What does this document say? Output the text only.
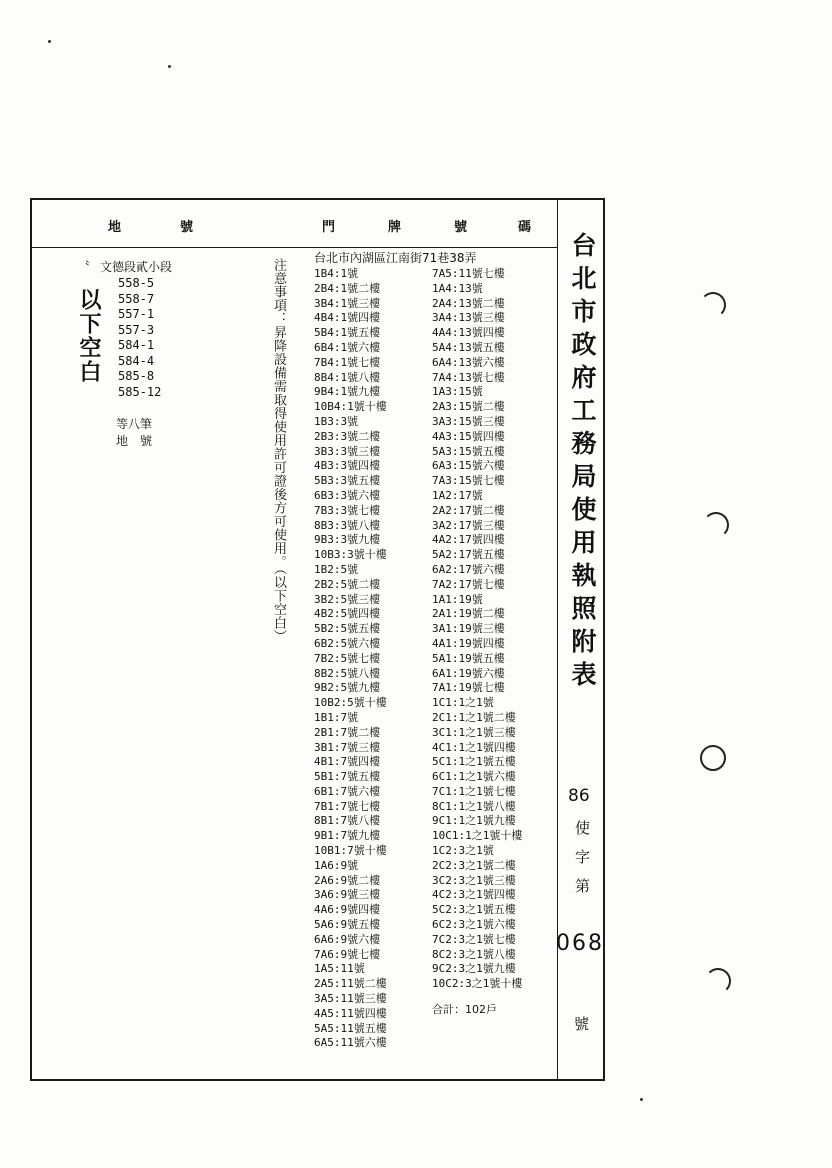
地	號	門	牌	號	碼
〝 文德段貳小段
558-5
558-7
557-1
557-3
584-1
584-4
585-8
585-12
等八筆
地　號
以下空白	注意事項：昇降設備需取得使用許可證後方可使用。（以下空白） 台北市內湖區江南街71巷38弄
1B4:1號
2B4:1號二樓
3B4:1號三樓
4B4:1號四樓
5B4:1號五樓
6B4:1號六樓
7B4:1號七樓
8B4:1號八樓
9B4:1號九樓
10B4:1號十樓
1B3:3號
2B3:3號二樓
3B3:3號三樓
4B3:3號四樓
5B3:3號五樓
6B3:3號六樓
7B3:3號七樓
8B3:3號八樓
9B3:3號九樓
10B3:3號十樓
1B2:5號
2B2:5號二樓
3B2:5號三樓
4B2:5號四樓
5B2:5號五樓
6B2:5號六樓
7B2:5號七樓
8B2:5號八樓
9B2:5號九樓
10B2:5號十樓
1B1:7號
2B1:7號二樓
3B1:7號三樓
4B1:7號四樓
5B1:7號五樓
6B1:7號六樓
7B1:7號七樓
8B1:7號八樓
9B1:7號九樓
10B1:7號十樓
1A6:9號
2A6:9號二樓
3A6:9號三樓
4A6:9號四樓
5A6:9號五樓
6A6:9號六樓
7A6:9號七樓
1A5:11號
2A5:11號二樓
3A5:11號三樓
4A5:11號四樓
5A5:11號五樓
6A5:11號六樓
7A5:11號七樓
1A4:13號
2A4:13號二樓
3A4:13號三樓
4A4:13號四樓
5A4:13號五樓
6A4:13號六樓
7A4:13號七樓
1A3:15號
2A3:15號二樓
3A3:15號三樓
4A3:15號四樓
5A3:15號五樓
6A3:15號六樓
7A3:15號七樓
1A2:17號
2A2:17號二樓
3A2:17號三樓
4A2:17號四樓
5A2:17號五樓
6A2:17號六樓
7A2:17號七樓
1A1:19號
2A1:19號二樓
3A1:19號三樓
4A1:19號四樓
5A1:19號五樓
6A1:19號六樓
7A1:19號七樓
1C1:1之1號
2C1:1之1號二樓
3C1:1之1號三樓
4C1:1之1號四樓
5C1:1之1號五樓
6C1:1之1號六樓
7C1:1之1號七樓
8C1:1之1號八樓
9C1:1之1號九樓
10C1:1之1號十樓
1C2:3之1號
2C2:3之1號二樓
3C2:3之1號三樓
4C2:3之1號四樓
5C2:3之1號五樓
6C2:3之1號六樓
7C2:3之1號七樓
8C2:3之1號八樓
9C2:3之1號九樓
10C2:3之1號十樓
合計：102戶
台北市政府工務局使用執照附表
86
使字第
068
號
